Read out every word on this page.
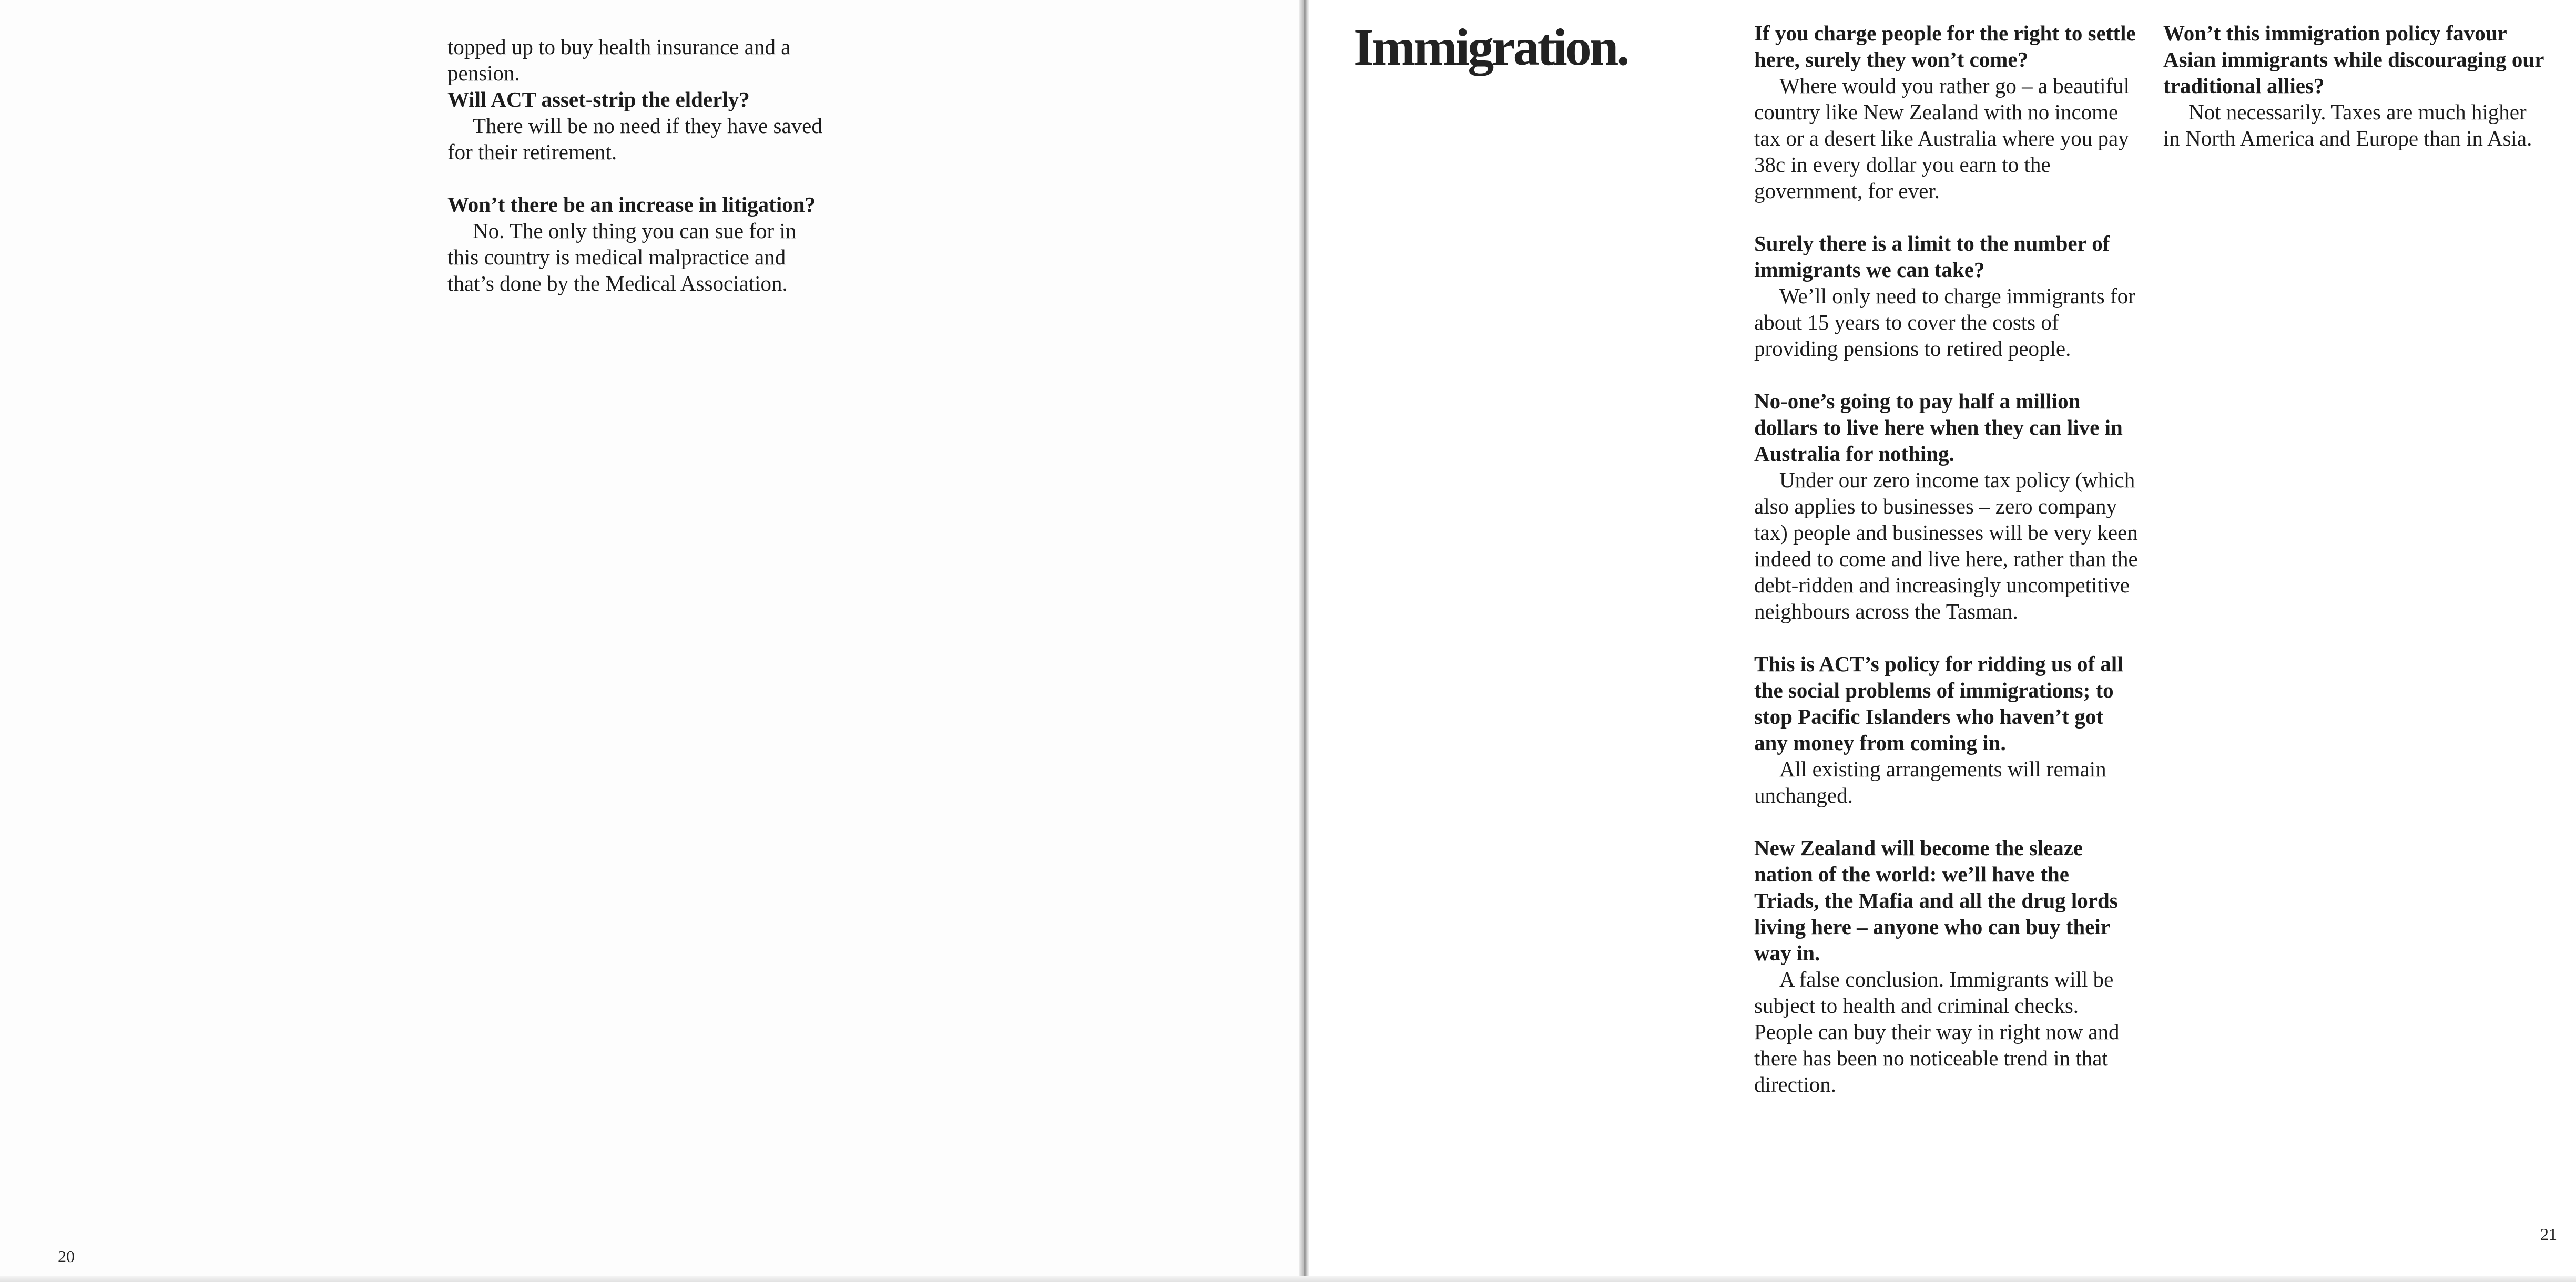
topped up to buy health insurance and a pension.

Will ACT asset-strip the elderly?

There will be no need if they have saved for their retirement.

Won’t there be an increase in litigation?

No. The only thing you can sue for in this country is medical malpractice and that’s done by the Medical Association.

20
Immigration.	If you charge people for the right to settle here, surely they won’t come?

Where would you rather go – a beautiful country like New Zealand with no income tax or a desert like Australia where you pay 38c in every dollar you earn to the government, for ever.

Surely there is a limit to the number of immigrants we can take?

We’ll only need to charge immigrants for about 15 years to cover the costs of providing pensions to retired people.

No-one’s going to pay half a million dollars to live here when they can live in Australia for nothing.

Under our zero income tax policy (which also applies to businesses – zero company tax) people and businesses will be very keen indeed to come and live here, rather than the debt-ridden and increasingly uncompetitive neighbours across the Tasman.

This is ACT’s policy for ridding us of all the social problems of immigrations; to stop Pacific Islanders who haven’t got any money from coming in.

All existing arrangements will remain unchanged.

New Zealand will become the sleaze nation of the world: we’ll have the Triads, the Mafia and all the drug lords living here – anyone who can buy their way in.

A false conclusion. Immigrants will be subject to health and criminal checks. People can buy their way in right now and there has been no noticeable trend in that direction.

Won’t this immigration policy favour Asian immigrants while discouraging our traditional allies?

Not necessarily. Taxes are much higher in North America and Europe than in Asia.

21
